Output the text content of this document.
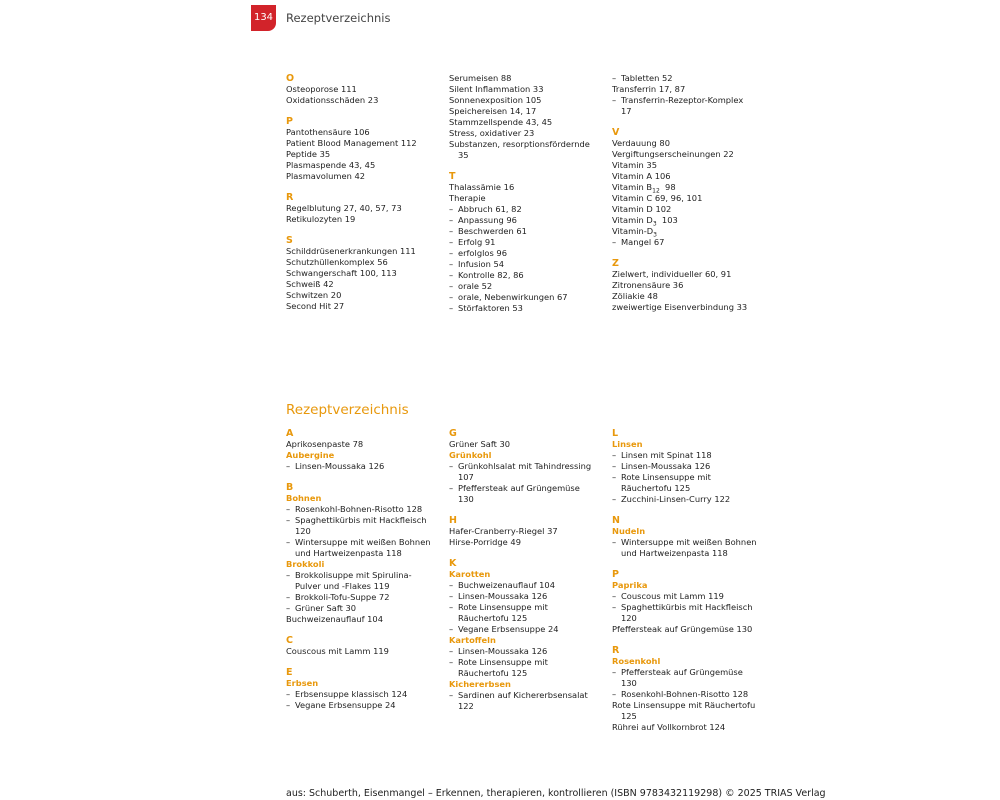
134 Rezeptverzeichnis
O
Osteoporose 111
Oxidationsschäden 23
P
Pantothensäure 106
Patient Blood Management 112
Peptide 35
Plasmaspende 43, 45
Plasmavolumen 42
R
Regelblutung 27, 40, 57, 73
Retikulozyten 19
S
Schilddrüsenerkrankungen 111
Schutzhüllenkomplex 56
Schwangerschaft 100, 113
Schweiß 42
Schwitzen 20
Second Hit 27
Serumeisen 88
Silent Inflammation 33
Sonnenexposition 105
Speichereisen 14, 17
Stammzellspende 43, 45
Stress, oxidativer 23
Substanzen, resorptionsfördernde
35
T
Thalassämie 16
Therapie
– Abbruch 61, 82
– Anpassung 96
– Beschwerden 61
– Erfolg 91
– erfolglos 96
– Infusion 54
– Kontrolle 82, 86
– orale 52
– orale, Nebenwirkungen 67
– Störfaktoren 53
– Tabletten 52
Transferrin 17, 87
– Transferrin-Rezeptor-Komplex
17
V
Verdauung 80
Vergiftungserscheinungen 22
Vitamin 35
Vitamin A 106
Vitamin $B_{12}$  98
Vitamin C 69, 96, 101
Vitamin D 102
Vitamin $D_3$  103
Vitamin-$D_3$
– Mangel 67
Z
Zielwert, individueller 60, 91
Zitronensäure 36
Zöliakie 48
zweiwertige Eisenverbindung 33
Rezeptverzeichnis
A
Aprikosenpaste 78
Aubergine
– Linsen-Moussaka 126
B
Bohnen
– Rosenkohl-Bohnen-Risotto 128
– Spaghettikürbis mit Hackfleisch
120
– Wintersuppe mit weißen Bohnen
und Hartweizenpasta 118
Brokkoli
– Brokkolisuppe mit Spirulina-
Pulver und -Flakes 119
– Brokkoli-Tofu-Suppe 72
– Grüner Saft 30
Buchweizenauflauf 104
C
Couscous mit Lamm 119
E
Erbsen
– Erbsensuppe klassisch 124
– Vegane Erbsensuppe 24
G
Grüner Saft 30
Grünkohl
– Grünkohlsalat mit Tahindressing
107
– Pfeffersteak auf Grüngemüse
130
H
Hafer-Cranberry-Riegel 37
Hirse-Porridge 49
K
Karotten
– Buchweizenauflauf 104
– Linsen-Moussaka 126
– Rote Linsensuppe mit
Räuchertofu 125
– Vegane Erbsensuppe 24
Kartoffeln
– Linsen-Moussaka 126
– Rote Linsensuppe mit
Räuchertofu 125
Kichererbsen
– Sardinen auf Kichererbsensalat
122
L
Linsen
– Linsen mit Spinat 118
– Linsen-Moussaka 126
– Rote Linsensuppe mit
Räuchertofu 125
– Zucchini-Linsen-Curry 122
N
Nudeln
– Wintersuppe mit weißen Bohnen
und Hartweizenpasta 118
P
Paprika
– Couscous mit Lamm 119
– Spaghettikürbis mit Hackfleisch
120
Pfeffersteak auf Grüngemüse 130
R
Rosenkohl
– Pfeffersteak auf Grüngemüse
130
– Rosenkohl-Bohnen-Risotto 128
Rote Linsensuppe mit Räuchertofu
125
Rührei auf Vollkornbrot 124
aus: Schuberth, Eisenmangel – Erkennen, therapieren, kontrollieren (ISBN 9783432119298) © 2025 TRIAS Verlag
